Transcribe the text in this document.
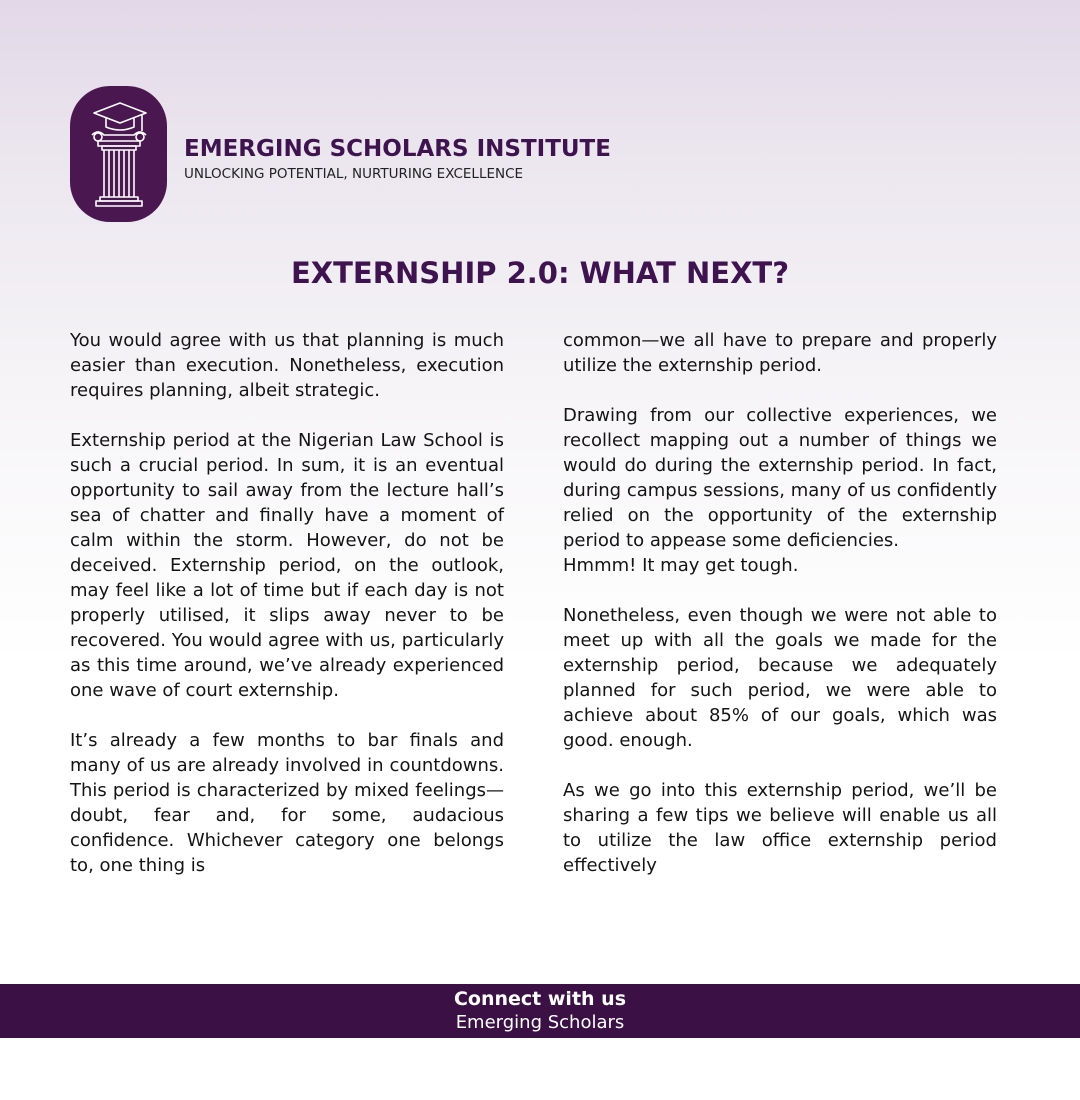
EMERGING SCHOLARS INSTITUTE
UNLOCKING POTENTIAL, NURTURING EXCELLENCE
EXTERNSHIP 2.0: WHAT NEXT?

You would agree with us that planning is much easier than execution. Nonetheless, execution requires planning, albeit strategic.

Externship period at the Nigerian Law School is such a crucial period. In sum, it is an eventual opportunity to sail away from the lecture hall’s sea of chatter and finally have a moment of calm within the storm. However, do not be deceived. Externship period, on the outlook, may feel like a lot of time but if each day is not properly utilised, it slips away never to be recovered. You would agree with us, particularly as this time around, we’ve already experienced one wave of court externship.

It’s already a few months to bar finals and many of us are already involved in countdowns. This period is characterized by mixed feelings—doubt, fear and, for some, audacious confidence. Whichever category one belongs to, one thing is

common—we all have to prepare and properly utilize the externship period.

Drawing from our collective experiences, we recollect mapping out a number of things we would do during the externship period. In fact, during campus sessions, many of us confidently relied on the opportunity of the externship period to appease some deficiencies.

Hmmm! It may get tough.

Nonetheless, even though we were not able to meet up with all the goals we made for the externship period, because we adequately planned for such period, we were able to achieve about 85% of our goals, which was good. enough.

As we go into this externship period, we’ll be sharing a few tips we believe will enable us all to utilize the law office externship period effectively

Connect with us
Emerging Scholars
